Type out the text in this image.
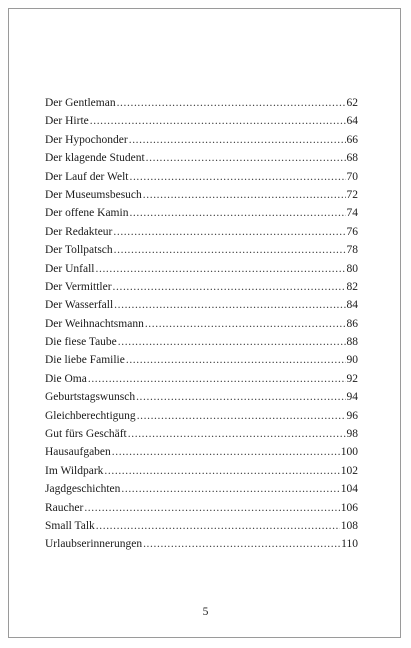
Der Gentleman .....	62
Der Hirte .....	64
Der Hypochonder .....	66
Der klagende Student .....	68
Der Lauf der Welt .....	70
Der Museumsbesuch .....	72
Der offene Kamin .....	74
Der Redakteur .....	76
Der Tollpatsch .....	78
Der Unfall .....	80
Der Vermittler .....	82
Der Wasserfall .....	84
Der Weihnachtsmann .....	86
Die fiese Taube .....	88
Die liebe Familie .....	90
Die Oma .....	92
Geburtstagswunsch .....	94
Gleichberechtigung .....	96
Gut fürs Geschäft .....	98
Hausaufgaben .....	100
Im Wildpark .....	102
Jagdgeschichten .....	104
Raucher .....	106
Small Talk .....	108
Urlaubserinnerungen .....	110
5
